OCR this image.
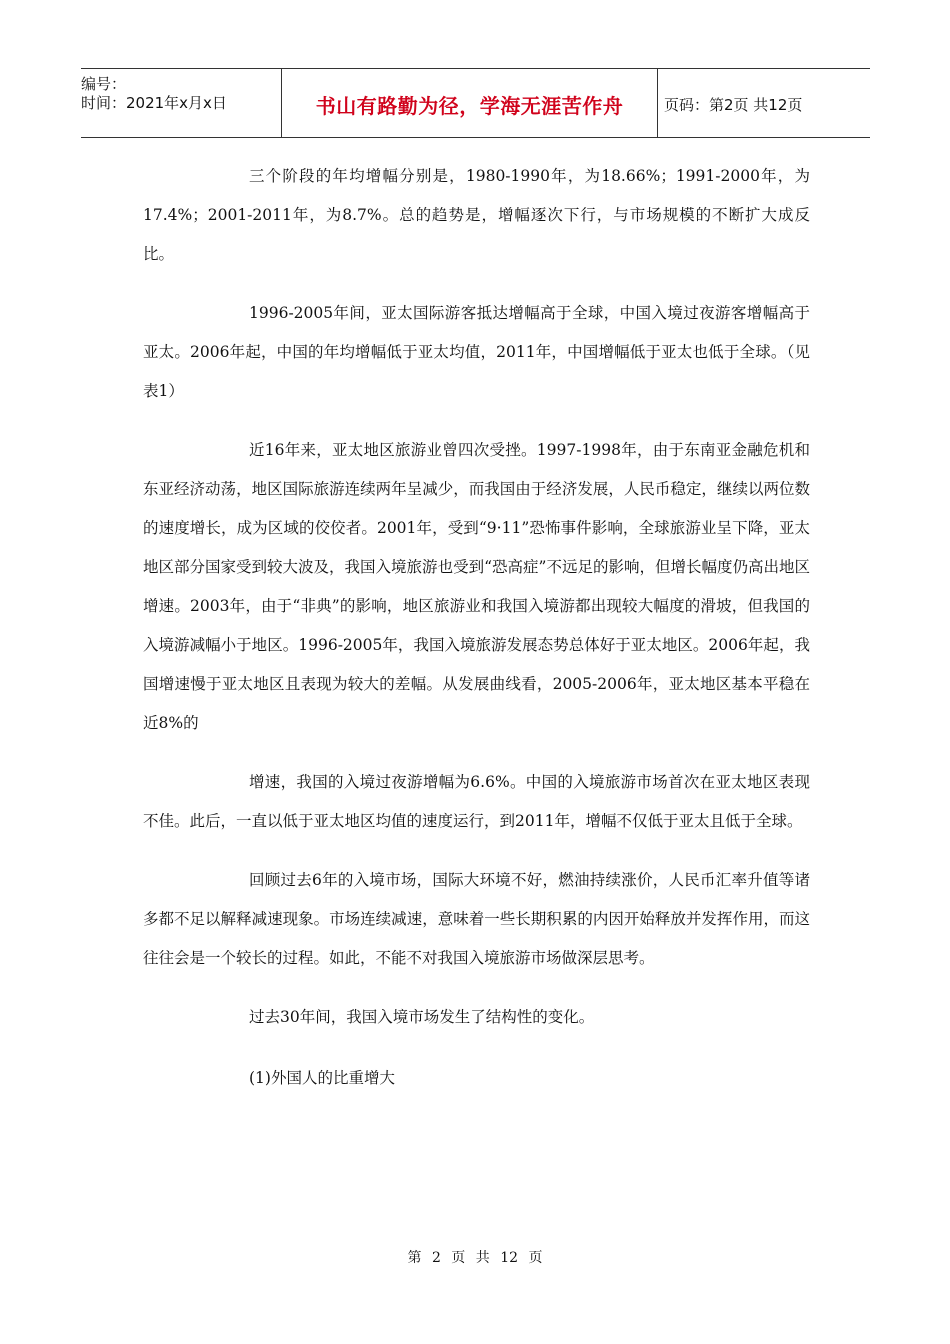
编号：
时间：2021年x月x日	书山有路勤为径，学海无涯苦作舟	页码：第2页 共12页

三个阶段的年均增幅分别是，1980-1990年，为18.66%；1991-2000年，为17.4%；2001-2011年，为8.7%。总的趋势是，增幅逐次下行，与市场规模的不断扩大成反比。

1996-2005年间，亚太国际游客抵达增幅高于全球，中国入境过夜游客增幅高于亚太。2006年起，中国的年均增幅低于亚太均值，2011年，中国增幅低于亚太也低于全球。（见表1）

近16年来，亚太地区旅游业曾四次受挫。1997-1998年，由于东南亚金融危机和东亚经济动荡，地区国际旅游连续两年呈减少，而我国由于经济发展，人民币稳定，继续以两位数的速度增长，成为区域的佼佼者。2001年，受到“9·11”恐怖事件影响，全球旅游业呈下降，亚太地区部分国家受到较大波及，我国入境旅游也受到“恐高症”不远足的影响，但增长幅度仍高出地区增速。2003年，由于“非典”的影响，地区旅游业和我国入境游都出现较大幅度的滑坡，但我国的入境游减幅小于地区。1996-2005年，我国入境旅游发展态势总体好于亚太地区。2006年起，我国增速慢于亚太地区且表现为较大的差幅。从发展曲线看，2005-2006年，亚太地区基本平稳在近8%的

增速，我国的入境过夜游增幅为6.6%。中国的入境旅游市场首次在亚太地区表现不佳。此后，一直以低于亚太地区均值的速度运行，到2011年，增幅不仅低于亚太且低于全球。

回顾过去6年的入境市场，国际大环境不好，燃油持续涨价，人民币汇率升值等诸多都不足以解释减速现象。市场连续减速，意味着一些长期积累的内因开始释放并发挥作用，而这往往会是一个较长的过程。如此，不能不对我国入境旅游市场做深层思考。

过去30年间，我国入境市场发生了结构性的变化。

(1)外国人的比重增大

第 2 页 共 12 页
